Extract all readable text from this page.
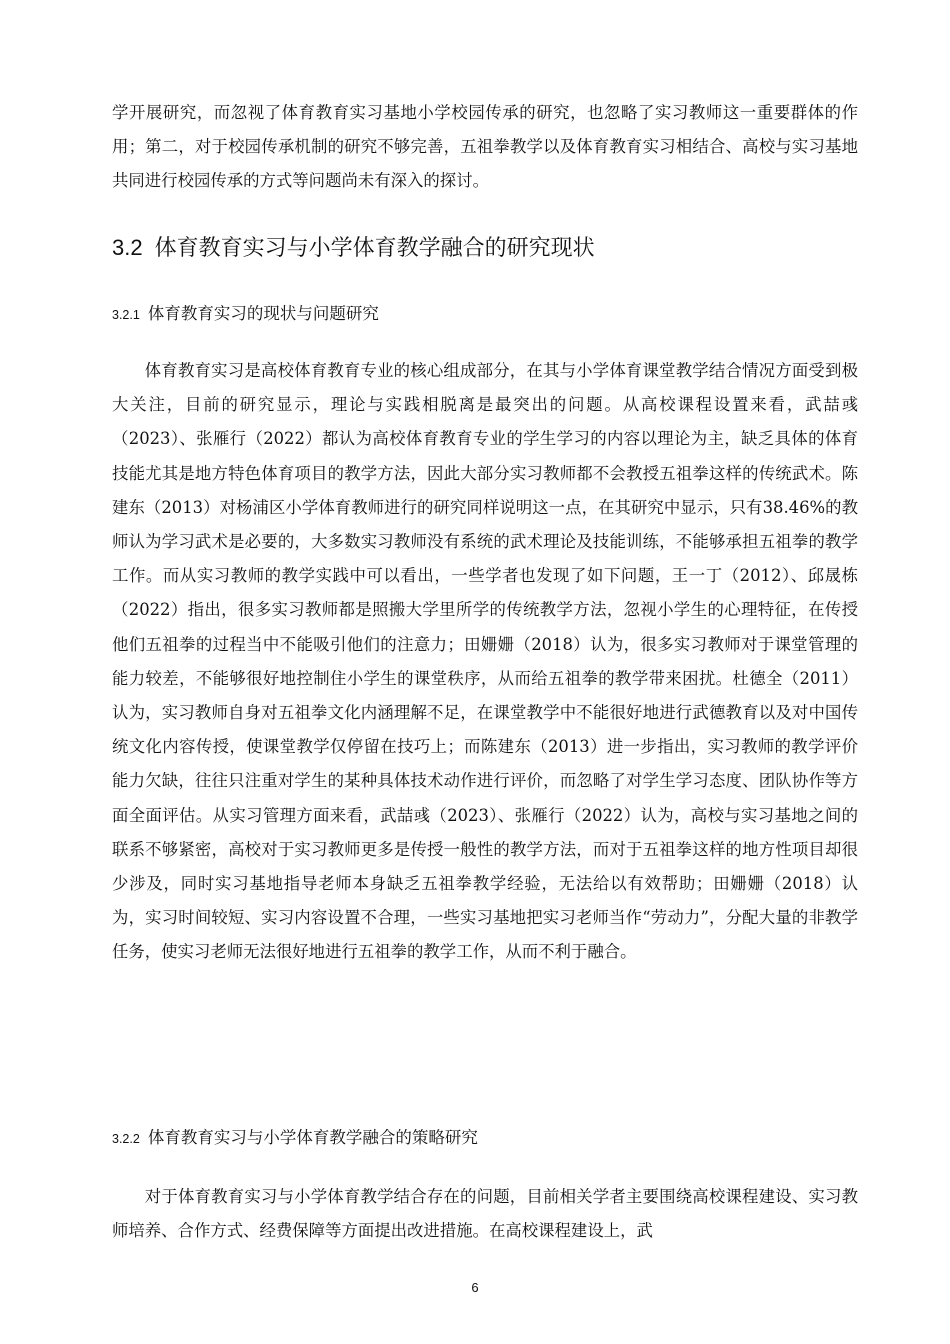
学开展研究，而忽视了体育教育实习基地小学校园传承的研究，也忽略了实习教师这一重要群体的作用；第二，对于校园传承机制的研究不够完善，五祖拳教学以及体育教育实习相结合、高校与实习基地共同进行校园传承的方式等问题尚未有深入的探讨。

3.2 体育教育实习与小学体育教学融合的研究现状
3.2.1 体育教育实习的现状与问题研究

体育教育实习是高校体育教育专业的核心组成部分，在其与小学体育课堂教学结合情况方面受到极大关注，目前的研究显示，理论与实践相脱离是最突出的问题。从高校课程设置来看，武喆彧（2023）、张雁行（2022）都认为高校体育教育专业的学生学习的内容以理论为主，缺乏具体的体育技能尤其是地方特色体育项目的教学方法，因此大部分实习教师都不会教授五祖拳这样的传统武术。陈建东（2013）对杨浦区小学体育教师进行的研究同样说明这一点，在其研究中显示，只有38.46%的教师认为学习武术是必要的，大多数实习教师没有系统的武术理论及技能训练，不能够承担五祖拳的教学工作。而从实习教师的教学实践中可以看出，一些学者也发现了如下问题，王一丁（2012）、邱晟栋（2022）指出，很多实习教师都是照搬大学里所学的传统教学方法，忽视小学生的心理特征，在传授他们五祖拳的过程当中不能吸引他们的注意力；田姗姗（2018）认为，很多实习教师对于课堂管理的能力较差，不能够很好地控制住小学生的课堂秩序，从而给五祖拳的教学带来困扰。杜德全（2011）认为，实习教师自身对五祖拳文化内涵理解不足，在课堂教学中不能很好地进行武德教育以及对中国传统文化内容传授，使课堂教学仅停留在技巧上；而陈建东（2013）进一步指出，实习教师的教学评价能力欠缺，往往只注重对学生的某种具体技术动作进行评价，而忽略了对学生学习态度、团队协作等方面全面评估。从实习管理方面来看，武喆彧（2023）、张雁行（2022）认为，高校与实习基地之间的联系不够紧密，高校对于实习教师更多是传授一般性的教学方法，而对于五祖拳这样的地方性项目却很少涉及，同时实习基地指导老师本身缺乏五祖拳教学经验，无法给以有效帮助；田姗姗（2018）认为，实习时间较短、实习内容设置不合理，一些实习基地把实习老师当作“劳动力”，分配大量的非教学任务，使实习老师无法很好地进行五祖拳的教学工作，从而不利于融合。

3.2.2 体育教育实习与小学体育教学融合的策略研究

对于体育教育实习与小学体育教学结合存在的问题，目前相关学者主要围绕高校课程建设、实习教师培养、合作方式、经费保障等方面提出改进措施。在高校课程建设上，武

6
